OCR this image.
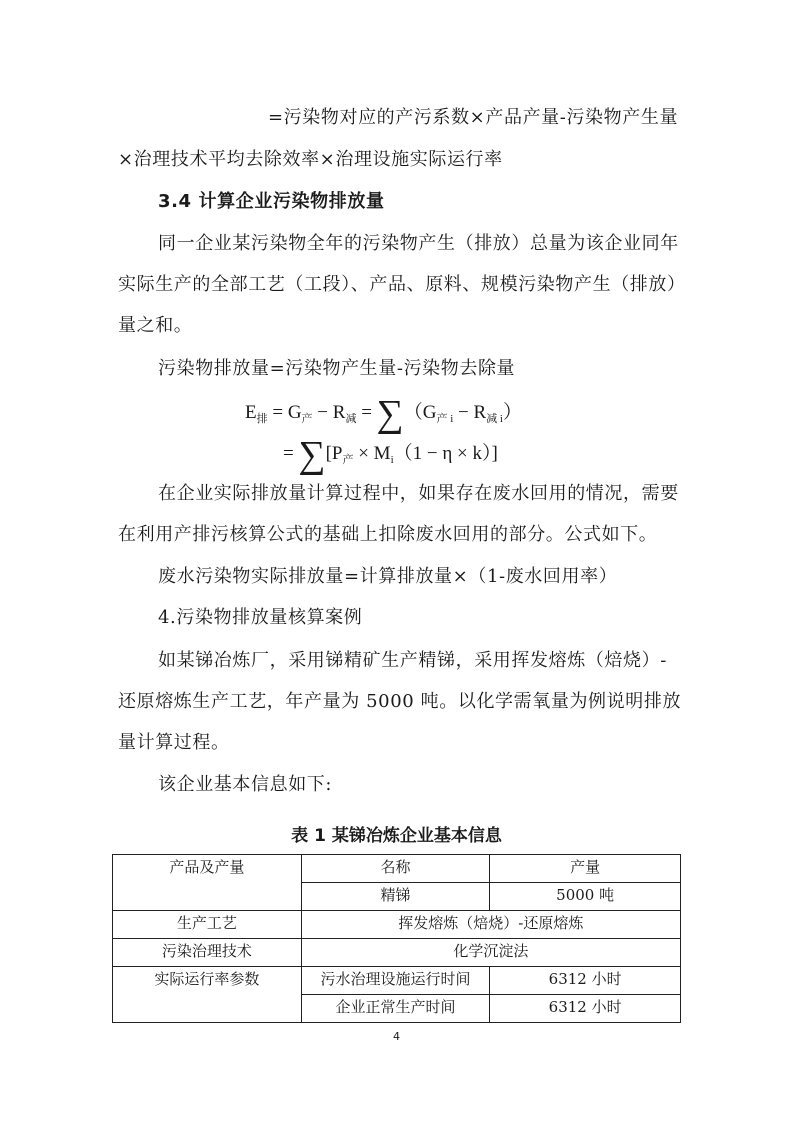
=污染物对应的产污系数×产品产量-污染物产生量
×治理技术平均去除效率×治理设施实际运行率
3.4 计算企业污染物排放量
同一企业某污染物全年的污染物产生（排放）总量为该企业同年
实际生产的全部工艺（工段）、产品、原料、规模污染物产生（排放）
量之和。
污染物排放量=污染物产生量-污染物去除量
$E_排 = G_产 - R_减 = \sum(G_{产 i} - R_{减 i})$
= $\sum[P_产 \times M_i(1 - \eta \times k)]$
在企业实际排放量计算过程中，如果存在废水回用的情况，需要
在利用产排污核算公式的基础上扣除废水回用的部分。公式如下。
废水污染物实际排放量=计算排放量×（1-废水回用率）
4.污染物排放量核算案例
如某锑冶炼厂，采用锑精矿生产精锑，采用挥发熔炼（焙烧）-
还原熔炼生产工艺，年产量为 5000 吨。以化学需氧量为例说明排放
量计算过程。
该企业基本信息如下:
表 1 某锑冶炼企业基本信息
产品及产量	名称	产量
	精锑	5000 吨
生产工艺	挥发熔炼（焙烧）-还原熔炼	
污染治理技术	化学沉淀法	
实际运行率参数	污水治理设施运行时间	6312 小时
	企业正常生产时间	6312 小时
4
